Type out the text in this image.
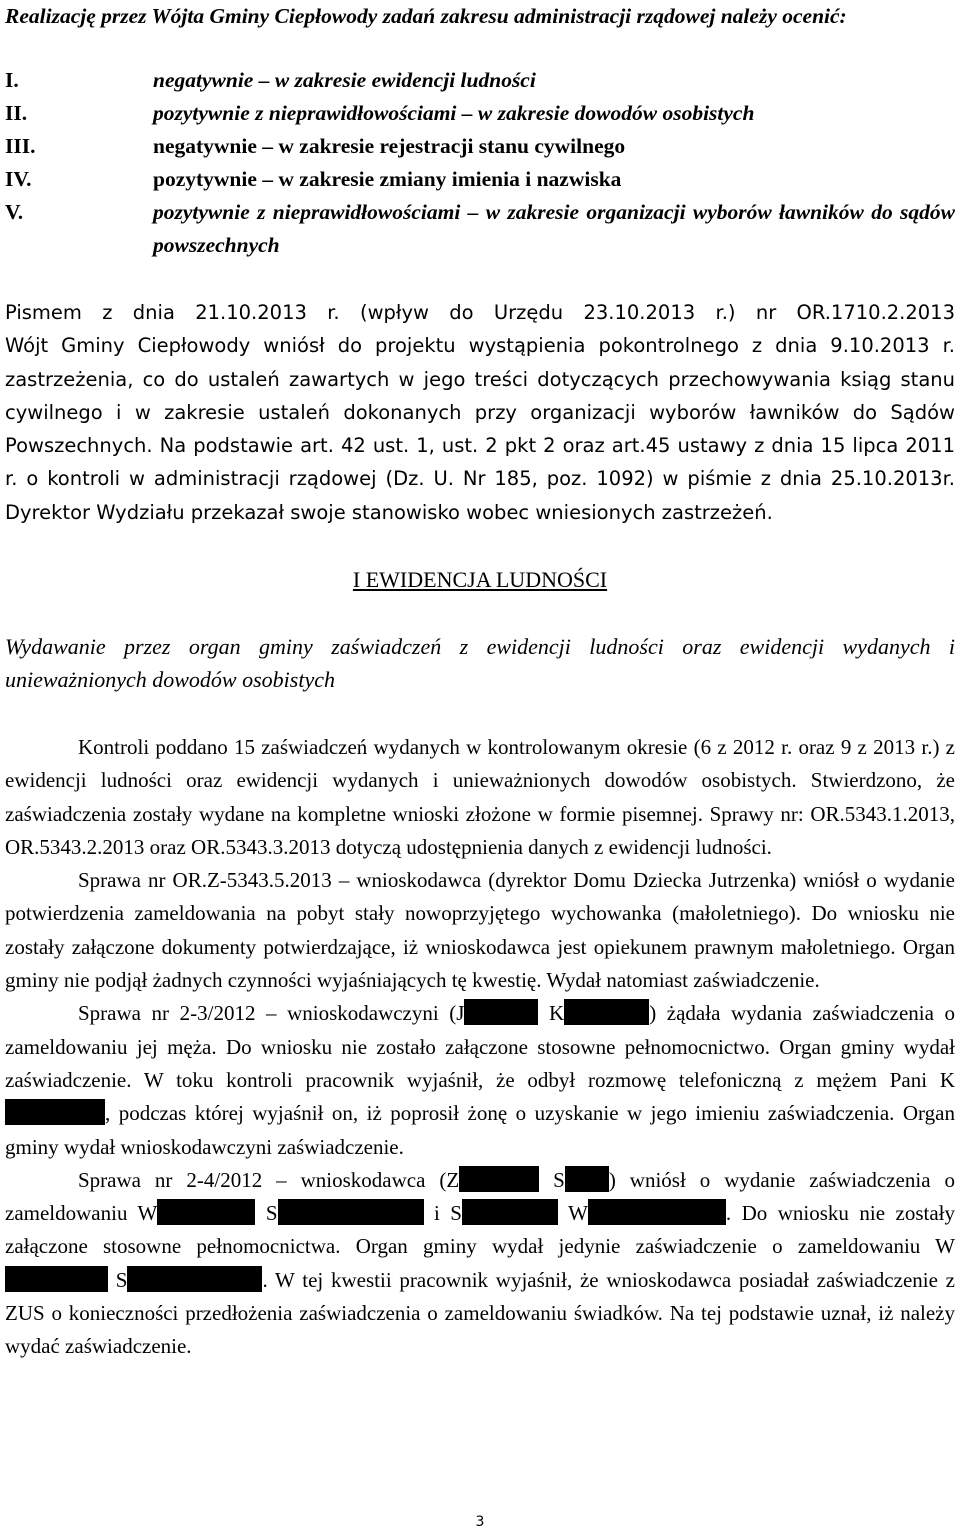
Realizację przez Wójta Gminy Ciepłowody zadań zakresu administracji rządowej należy ocenić:
I.	negatywnie – w zakresie ewidencji ludności
II.	pozytywnie z nieprawidłowościami – w zakresie dowodów osobistych
III.	negatywnie – w zakresie rejestracji stanu cywilnego
IV.	pozytywnie – w zakresie zmiany imienia i nazwiska
V.	pozytywnie z nieprawidłowościami – w zakresie organizacji wyborów ławników do sądów powszechnych
Pismem z dnia 21.10.2013 r. (wpływ do Urzędu 23.10.2013 r.) nr OR.1710.2.2013
Wójt Gminy Ciepłowody wniósł do projektu wystąpienia pokontrolnego z dnia 9.10.2013 r. zastrzeżenia, co do ustaleń zawartych w jego treści dotyczących przechowywania ksiąg stanu cywilnego i w zakresie ustaleń dokonanych przy organizacji wyborów ławników do Sądów Powszechnych. Na podstawie art. 42 ust. 1, ust. 2 pkt 2 oraz art.45 ustawy z dnia 15 lipca 2011 r. o kontroli w administracji rządowej (Dz. U. Nr 185, poz. 1092) w piśmie z dnia 25.10.2013r. Dyrektor Wydziału przekazał swoje stanowisko wobec wniesionych zastrzeżeń.
I EWIDENCJA LUDNOŚCI
Wydawanie przez organ gminy zaświadczeń z ewidencji ludności oraz ewidencji wydanych i unieważnionych dowodów osobistych

Kontroli poddano 15 zaświadczeń wydanych w kontrolowanym okresie (6 z 2012 r. oraz 9 z 2013 r.) z ewidencji ludności oraz ewidencji wydanych i unieważnionych dowodów osobistych. Stwierdzono, że zaświadczenia zostały wydane na kompletne wnioski złożone w formie pisemnej. Sprawy nr: OR.5343.1.2013, OR.5343.2.2013 oraz OR.5343.3.2013 dotyczą udostępnienia danych z ewidencji ludności.

Sprawa nr OR.Z-5343.5.2013 – wnioskodawca (dyrektor Domu Dziecka Jutrzenka) wniósł o wydanie potwierdzenia zameldowania na pobyt stały nowoprzyjętego wychowanka (małoletniego). Do wniosku nie zostały załączone dokumenty potwierdzające, iż wnioskodawca jest opiekunem prawnym małoletniego. Organ gminy nie podjął żadnych czynności wyjaśniających tę kwestię. Wydał natomiast zaświadczenie.

Sprawa nr 2-3/2012 – wnioskodawczyni (J	K	) żądała wydania zaświadczenia o zameldowaniu jej męża. Do wniosku nie zostało załączone stosowne pełnomocnictwo. Organ gminy wydał zaświadczenie. W toku kontroli pracownik wyjaśnił, że odbył rozmowę telefoniczną z mężem Pani K, podczas której wyjaśnił on, iż poprosił żonę o uzyskanie w jego imieniu zaświadczenia. Organ gminy wydał wnioskodawczyni zaświadczenie.

Sprawa nr 2-4/2012 – wnioskodawca (Z	S ) wniósł o wydanie zaświadczenia o zameldowaniu W	S	i S	W	. Do wniosku nie zostały załączone stosowne pełnomocnictwa. Organ gminy wydał jedynie zaświadczenie o zameldowaniu W S	. W tej kwestii pracownik wyjaśnił, że wnioskodawca posiadał zaświadczenie z ZUS o konieczności przedłożenia zaświadczenia o zameldowaniu świadków. Na tej podstawie uznał, iż należy wydać zaświadczenie.

3
